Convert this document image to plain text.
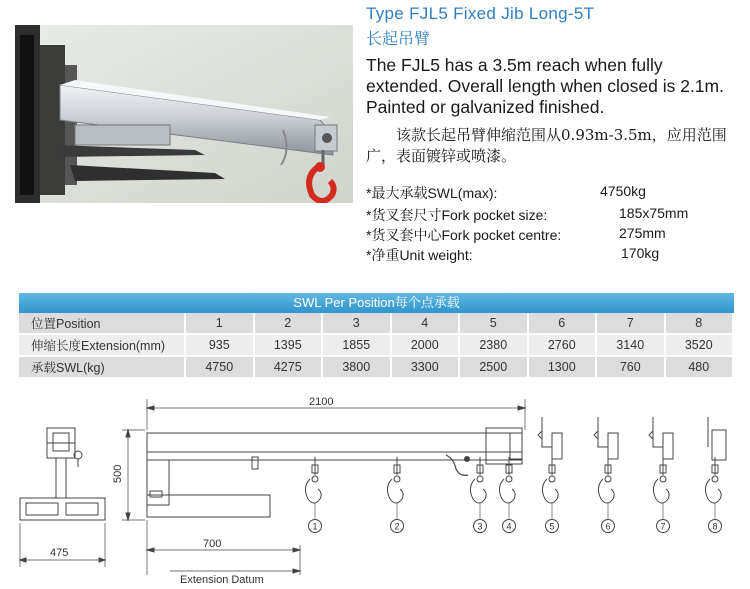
Type FJL5 Fixed Jib Long-5T
长起吊臂
The FJL5 has a 3.5m reach when fully extended. Overall length when closed is 2.1m. Painted or galvanized finished.
该款长起吊臂伸缩范围从0.93m-3.5m，应用范围广，表面镀锌或喷漆。
*最大承载SWL(max):	4750kg
*货叉套尺寸Fork pocket size:	185x75mm
*货叉套中心Fork pocket centre:	275mm
*净重Unit weight:	170kg
SWL Per Position每个点承载
位置Position	1	2	3	4	5	6	7	8
伸缩长度Extension(mm)	935	1395	1855	2000	2380	2760	3140	3520
承载SWL(kg)	4750	4275	3800	3300	2500	1300	760	480
475
2100
500
700
Extension Datum
1	2	3	4	5	6	7	8
